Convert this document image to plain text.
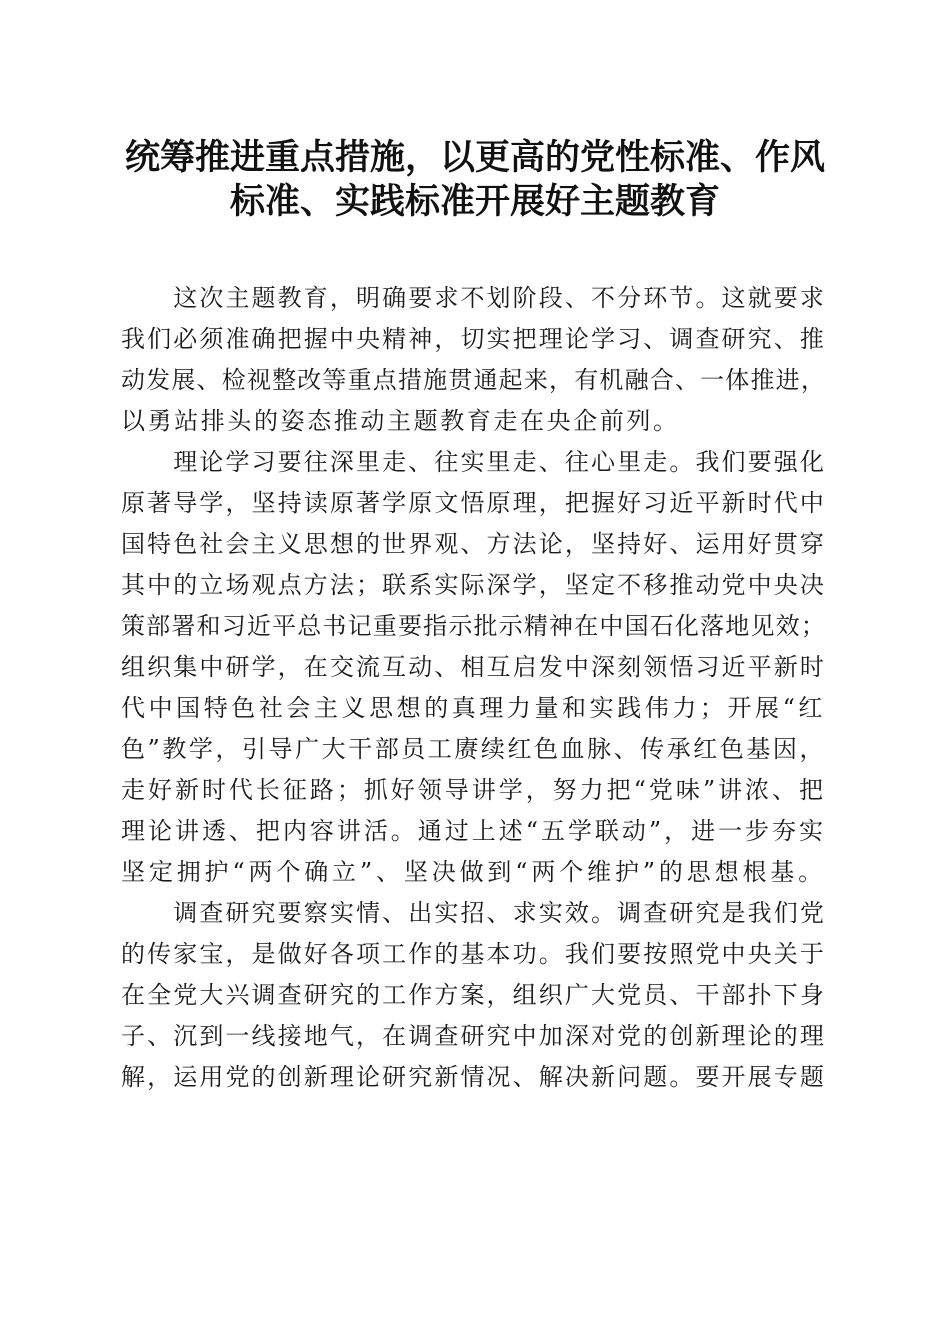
统筹推进重点措施，以更高的党性标准、作风
标准、实践标准开展好主题教育
　　这次主题教育，明确要求不划阶段、不分环节。这就要求
我们必须准确把握中央精神，切实把理论学习、调查研究、推
动发展、检视整改等重点措施贯通起来，有机融合、一体推进，
以勇站排头的姿态推动主题教育走在央企前列。
　　理论学习要往深里走、往实里走、往心里走。我们要强化
原著导学，坚持读原著学原文悟原理，把握好习近平新时代中
国特色社会主义思想的世界观、方法论，坚持好、运用好贯穿
其中的立场观点方法；联系实际深学，坚定不移推动党中央决
策部署和习近平总书记重要指示批示精神在中国石化落地见效；
组织集中研学，在交流互动、相互启发中深刻领悟习近平新时
代中国特色社会主义思想的真理力量和实践伟力；开展“红
色”教学，引导广大干部员工赓续红色血脉、传承红色基因，
走好新时代长征路；抓好领导讲学，努力把“党味”讲浓、把
理论讲透、把内容讲活。通过上述“五学联动”，进一步夯实
坚定拥护“两个确立”、坚决做到“两个维护”的思想根基。
　　调查研究要察实情、出实招、求实效。调查研究是我们党
的传家宝，是做好各项工作的基本功。我们要按照党中央关于
在全党大兴调查研究的工作方案，组织广大党员、干部扑下身
子、沉到一线接地气，在调查研究中加深对党的创新理论的理
解，运用党的创新理论研究新情况、解决新问题。要开展专题
